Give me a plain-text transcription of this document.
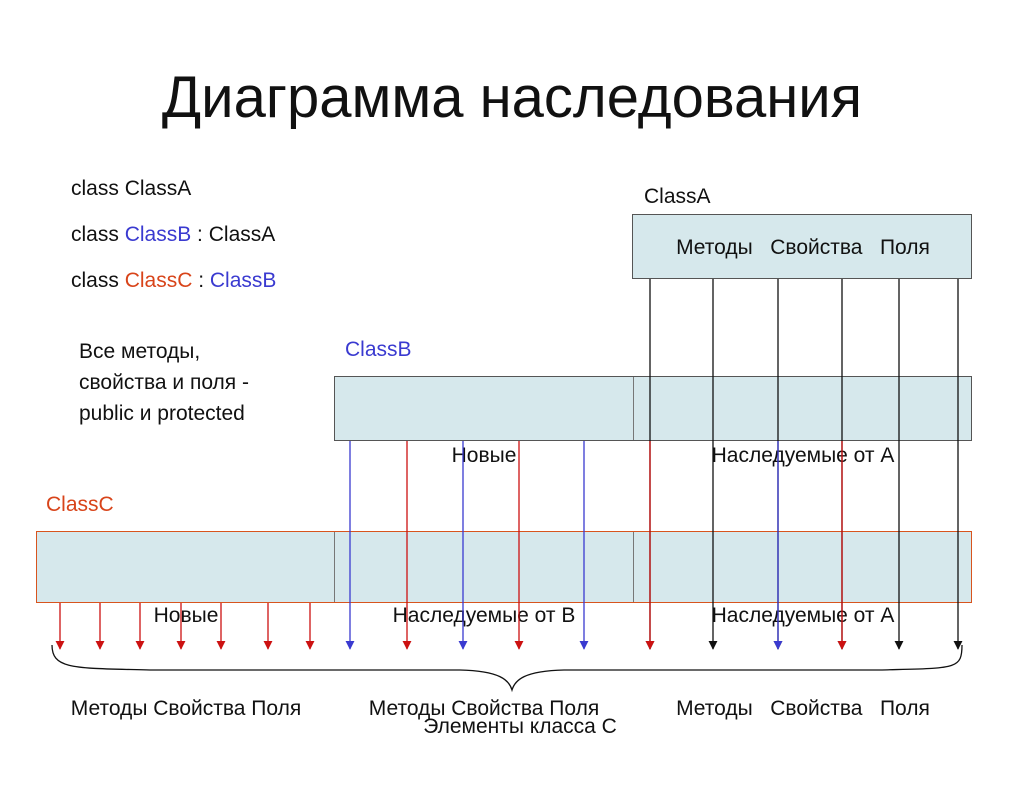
Диаграмма наследования
class ClassA
class ClassB : ClassA
class ClassC : ClassB
Все методы,
свойства и поля -
public и protected
ClassA
Методы   Свойства   Поля
ClassB

Новые

	Наследуемые от А

ClassC

Новые

Методы Свойства Поля

Наследуемые от В

Методы Свойства Поля

Наследуемые от А

Методы   Свойства   Поля

Элементы класса С
